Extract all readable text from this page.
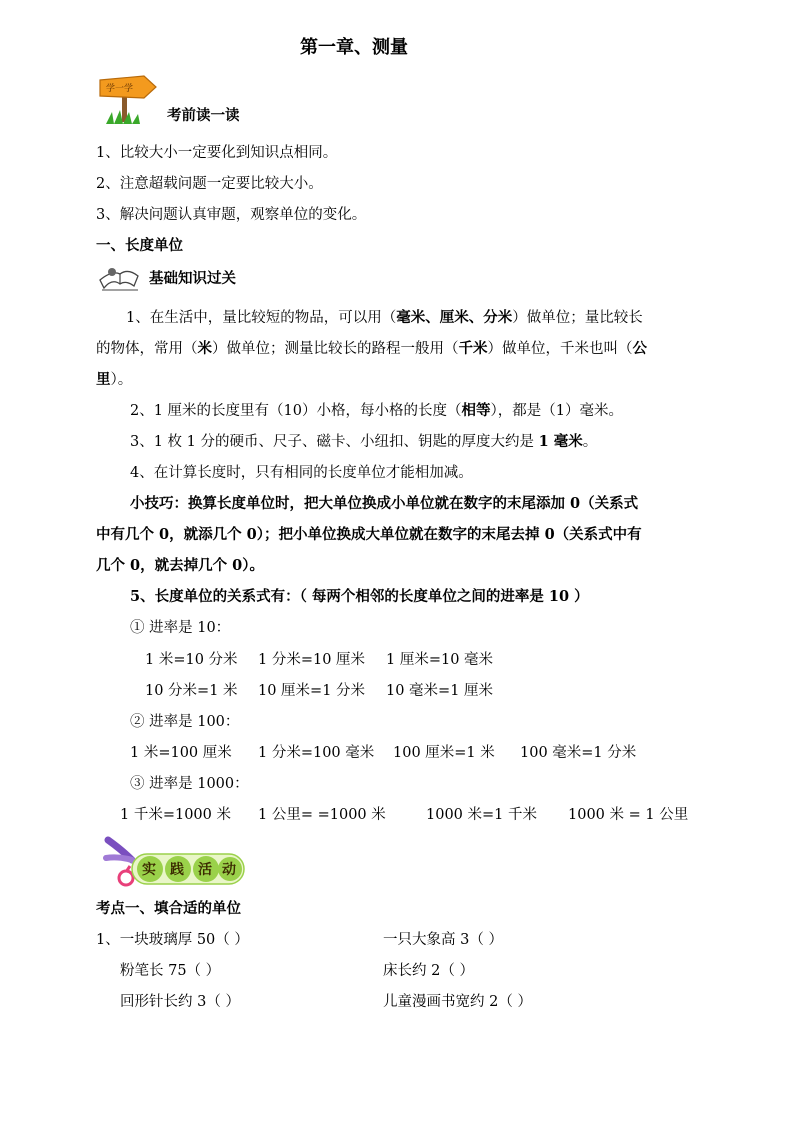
第一章、测量
学一学
考前读一读
1、比较大小一定要化到知识点相同。
2、注意超载问题一定要比较大小。
3、解决问题认真审题，观察单位的变化。
一、长度单位
基础知识过关
1、在生活中，量比较短的物品，可以用（毫米、厘米、分米）做单位；量比较长
的物体，常用（米）做单位；测量比较长的路程一般用（千米）做单位，千米也叫（公
里）。
2、1 厘米的长度里有（10）小格，每小格的长度（相等），都是（1）毫米。
3、1 枚 1 分的硬币、尺子、磁卡、小纽扣、钥匙的厚度大约是 1 毫米。
4、在计算长度时，只有相同的长度单位才能相加减。
小技巧：换算长度单位时，把大单位换成小单位就在数字的末尾添加 0（关系式
中有几个 0，就添几个 0）；把小单位换成大单位就在数字的末尾去掉 0（关系式中有
几个 0，就去掉几个 0）。
5、长度单位的关系式有：（ 每两个相邻的长度单位之间的进率是 10 ）
① 进率是 10：
1 米=10 分米 1 分米=10 厘米 1 厘米=10 毫米
10 分米=1 米 10 厘米=1 分米 10 毫米=1 厘米
② 进率是 100：
1 米=100 厘米 1 分米=100 毫米 100 厘米=1 米 100 毫米=1 分米
③ 进率是 1000：
1 千米=1000 米 1 公里= =1000 米	1000 米=1 千米 1000 米 = 1 公里
实 践 活 动
考点一、填合适的单位
1、一块玻璃厚 50（ ）	一只大象高 3（ ）
粉笔长 75（ ）	床长约 2（ ）
回形针长约 3（ ）	儿童漫画书宽约 2（ ）
